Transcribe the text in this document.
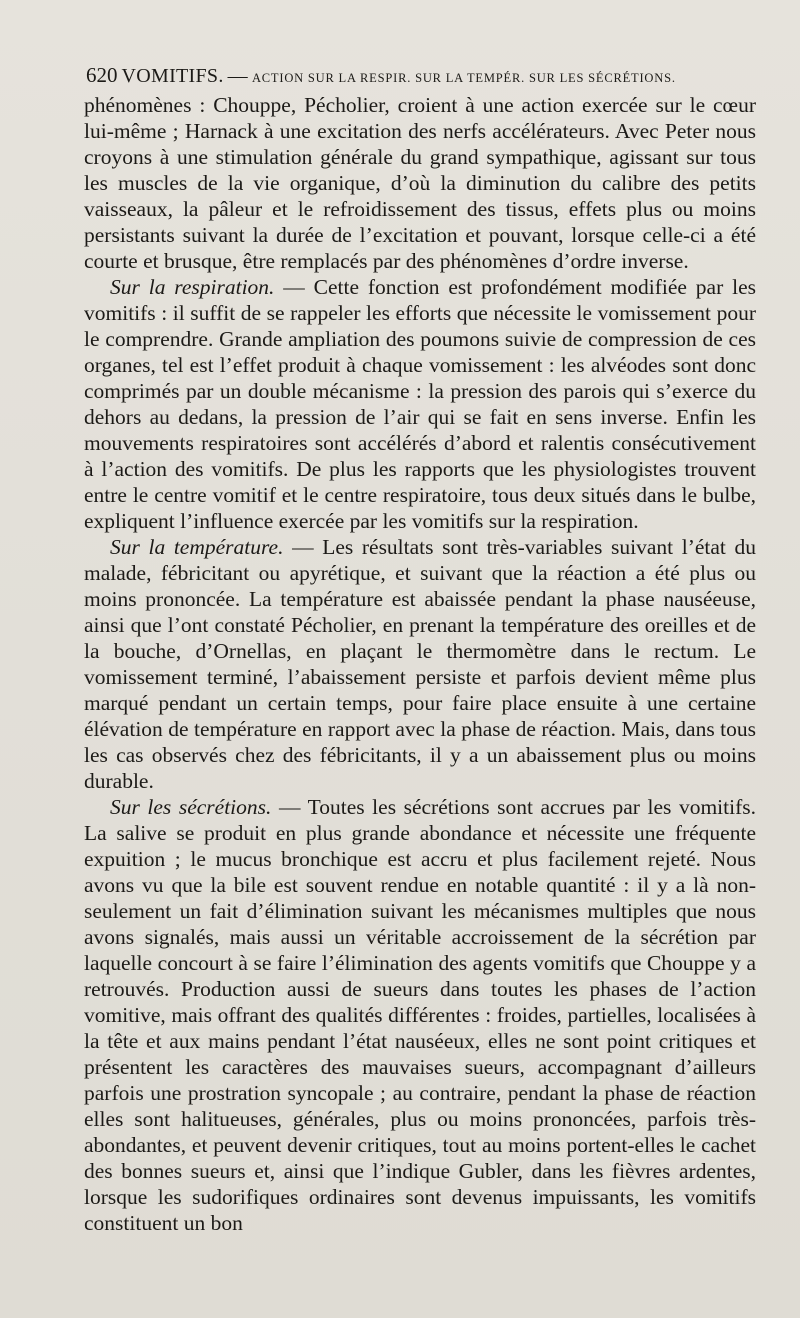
620 VOMITIFS. — ACTION SUR LA RESPIR. SUR LA TEMPÉR. SUR LES SÉCRÉTIONS.

phénomènes : Chouppe, Pécholier, croient à une action exercée sur le cœur lui-même ; Harnack à une excitation des nerfs accélérateurs. Avec Peter nous croyons à une stimulation générale du grand sympathique, agissant sur tous les muscles de la vie organique, d’où la diminution du calibre des petits vaisseaux, la pâleur et le refroidissement des tissus, effets plus ou moins persistants suivant la durée de l’excitation et pouvant, lorsque celle-ci a été courte et brusque, être remplacés par des phénomènes d’ordre inverse.

Sur la respiration. — Cette fonction est profondément modifiée par les vomitifs : il suffit de se rappeler les efforts que nécessite le vomissement pour le comprendre. Grande ampliation des poumons suivie de compression de ces organes, tel est l’effet produit à chaque vomissement : les alvéodes sont donc comprimés par un double mécanisme : la pression des parois qui s’exerce du dehors au dedans, la pression de l’air qui se fait en sens inverse. Enfin les mouvements respiratoires sont accélérés d’abord et ralentis consécutivement à l’action des vomitifs. De plus les rapports que les physiologistes trouvent entre le centre vomitif et le centre respiratoire, tous deux situés dans le bulbe, expliquent l’influence exercée par les vomitifs sur la respiration.

Sur la température. — Les résultats sont très-variables suivant l’état du malade, fébricitant ou apyrétique, et suivant que la réaction a été plus ou moins prononcée. La température est abaissée pendant la phase nauséeuse, ainsi que l’ont constaté Pécholier, en prenant la température des oreilles et de la bouche, d’Ornellas, en plaçant le thermomètre dans le rectum. Le vomissement terminé, l’abaissement persiste et parfois devient même plus marqué pendant un certain temps, pour faire place ensuite à une certaine élévation de température en rapport avec la phase de réaction. Mais, dans tous les cas observés chez des fébricitants, il y a un abaissement plus ou moins durable.

Sur les sécrétions. — Toutes les sécrétions sont accrues par les vomitifs. La salive se produit en plus grande abondance et nécessite une fréquente expuition ; le mucus bronchique est accru et plus facilement rejeté. Nous avons vu que la bile est souvent rendue en notable quantité : il y a là non-seulement un fait d’élimination suivant les mécanismes multiples que nous avons signalés, mais aussi un véritable accroissement de la sécrétion par laquelle concourt à se faire l’élimination des agents vomitifs que Chouppe y a retrouvés. Production aussi de sueurs dans toutes les phases de l’action vomitive, mais offrant des qualités différentes : froides, partielles, localisées à la tête et aux mains pendant l’état nauséeux, elles ne sont point critiques et présentent les caractères des mauvaises sueurs, accompagnant d’ailleurs parfois une prostration syncopale ; au contraire, pendant la phase de réaction elles sont halitueuses, générales, plus ou moins prononcées, parfois très-abondantes, et peuvent devenir critiques, tout au moins portent-elles le cachet des bonnes sueurs et, ainsi que l’indique Gubler, dans les fièvres ardentes, lorsque les sudorifiques ordinaires sont devenus impuissants, les vomitifs constituent un bon
